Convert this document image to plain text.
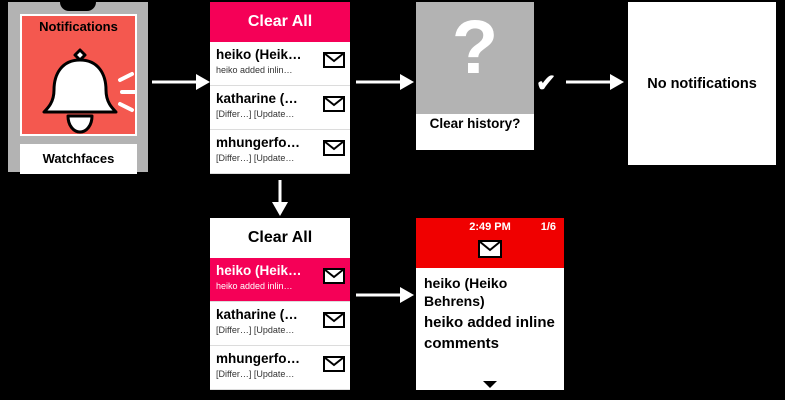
Notifications
Watchfaces
Clear All
heiko (Heik…
heiko added inlin…
katharine (…
[Differ…] [Update…
mhungerfo…
[Differ…] [Update…
?
Clear history?
No notifications
Clear All
heiko (Heik…
heiko added inlin…
katharine (…
[Differ…] [Update…
mhungerfo…
[Differ…] [Update…
2:49 PM	1/6
heiko (Heiko Behrens)
heiko added inline comments
✔
